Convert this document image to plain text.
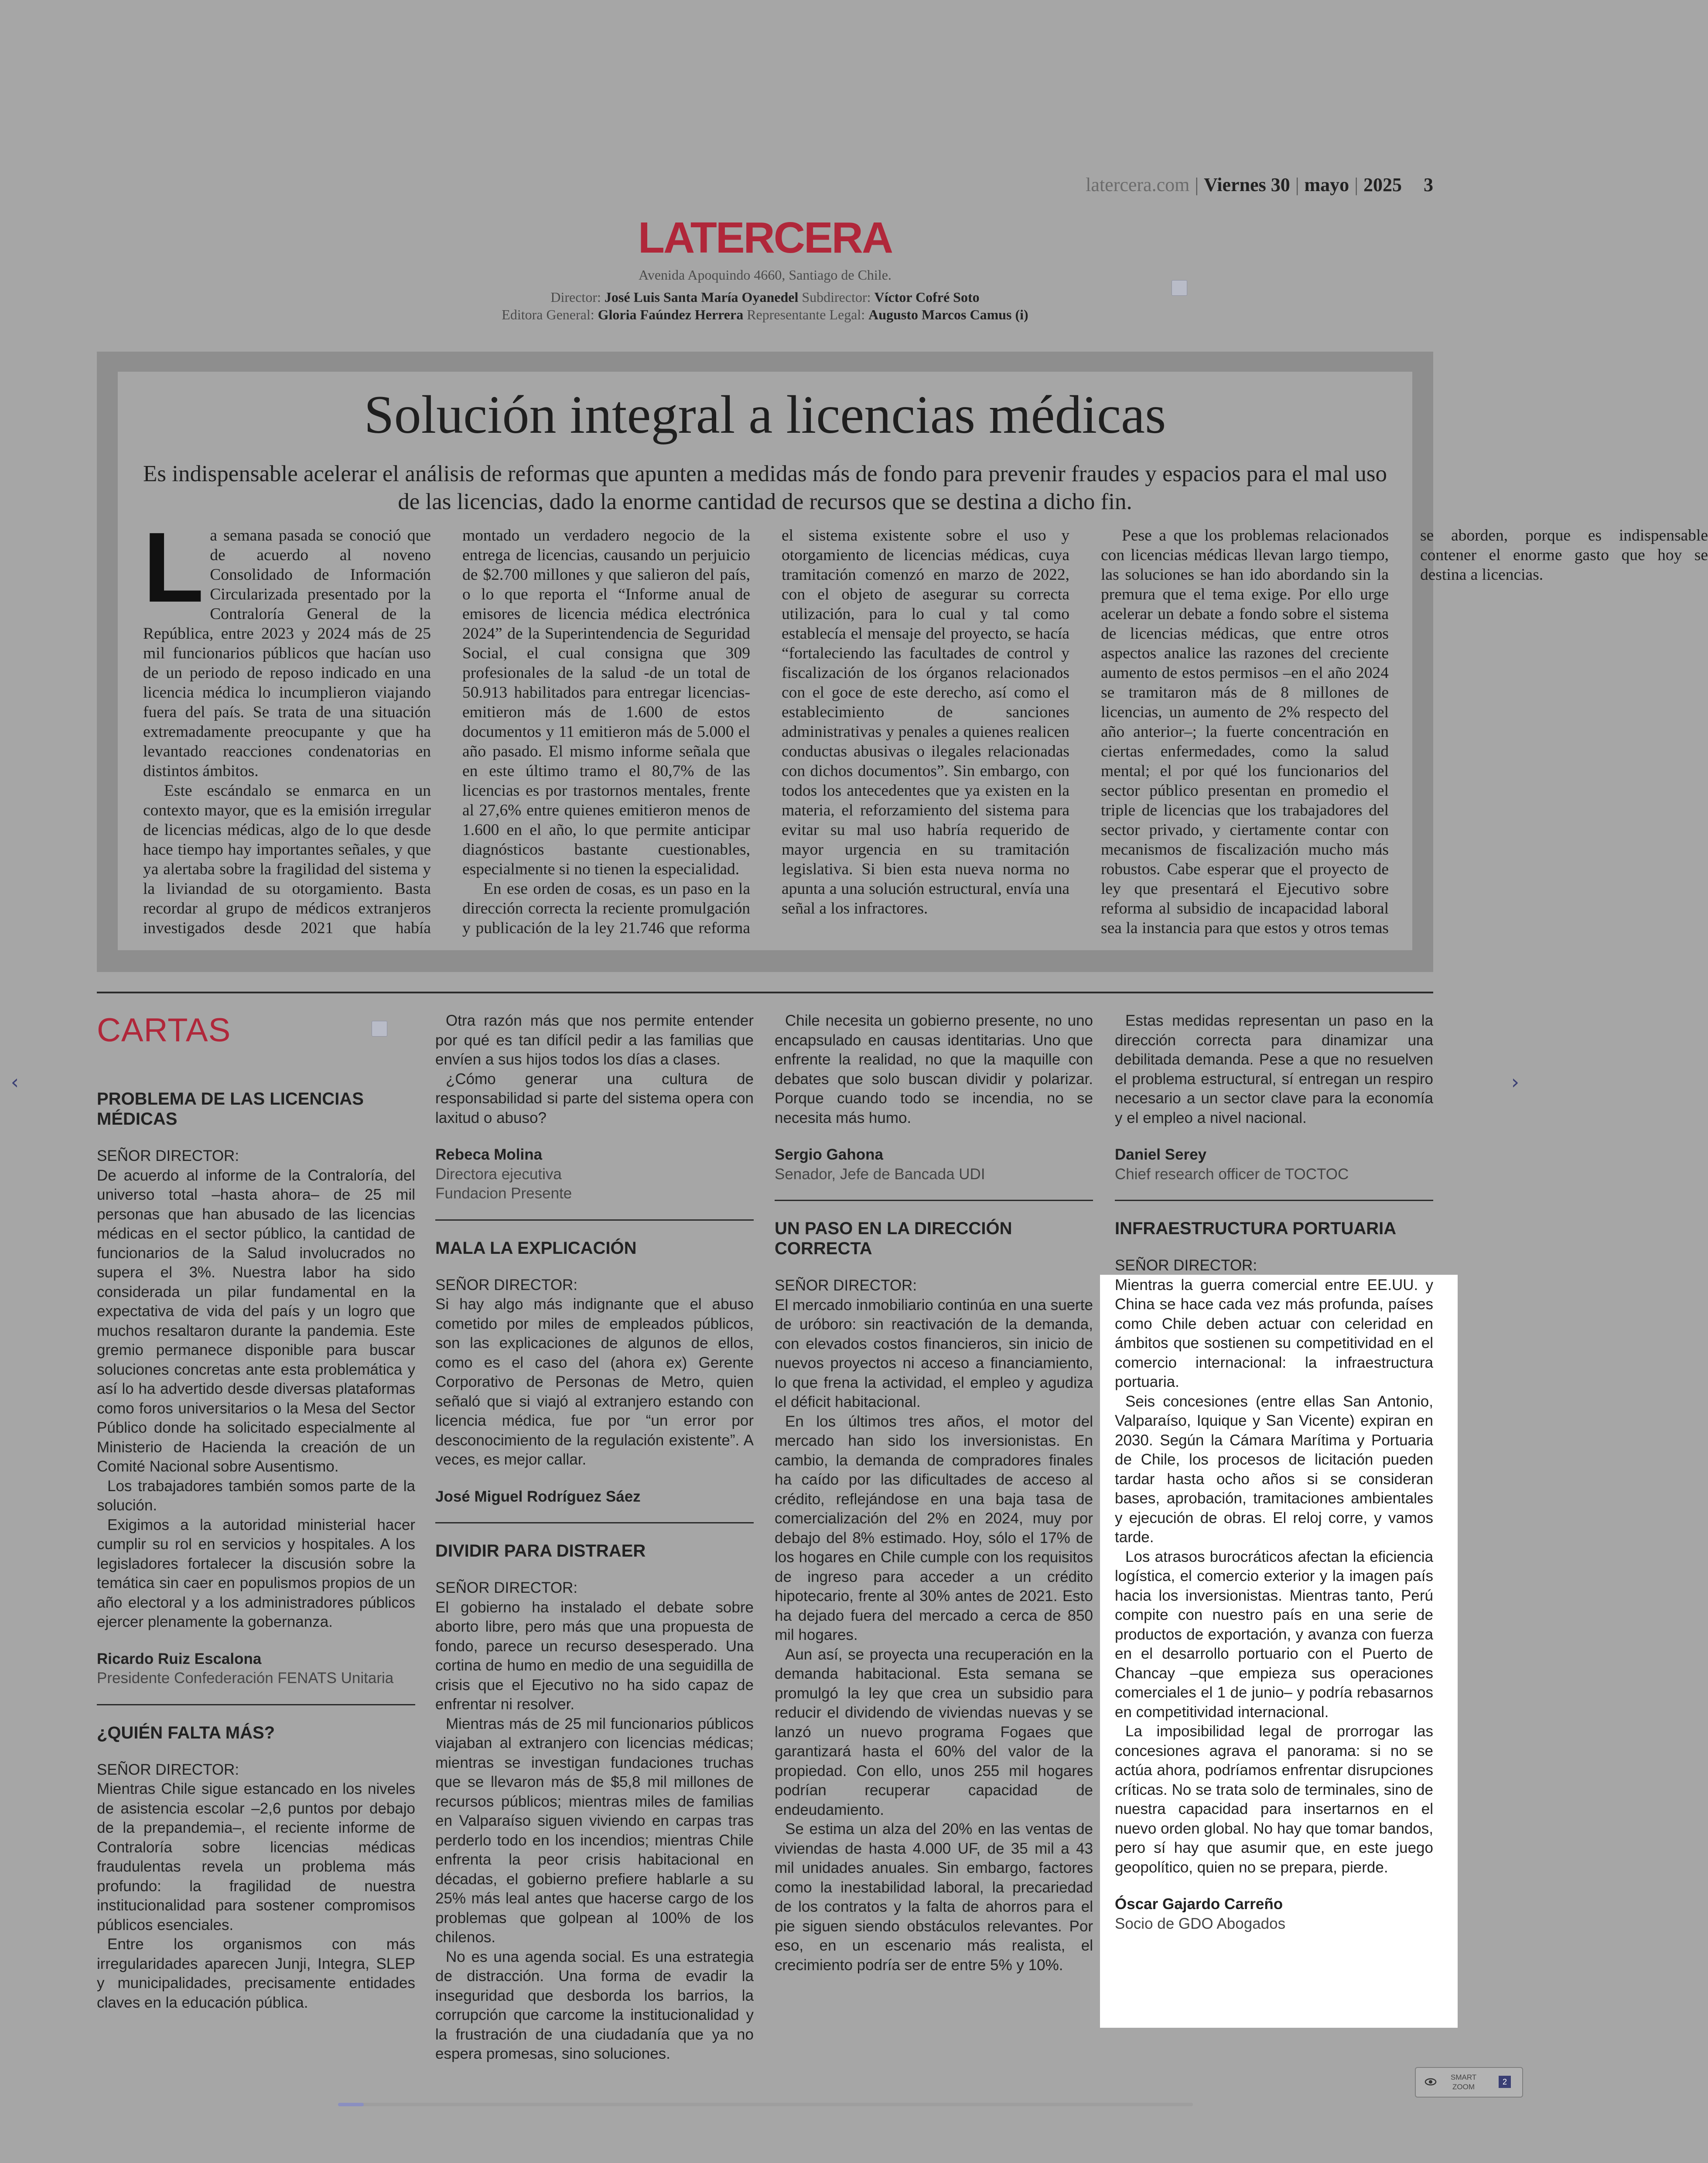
latercera.com | Viernes 30 | mayo | 2025 3
LATERCERA
Avenida Apoquindo 4660, Santiago de Chile.
Director: José Luis Santa María Oyanedel Subdirector: Víctor Cofré Soto
Editora General: Gloria Faúndez Herrera Representante Legal: Augusto Marcos Camus (i)
Solución integral a licencias médicas
Es indispensable acelerar el análisis de reformas que apunten a medidas más de fondo para prevenir fraudes y espacios para el mal uso de las licencias, dado la enorme cantidad de recursos que se destina a dicho fin.

La semana pasada se conoció que de acuerdo al noveno Consolidado de Información Circularizada presentado por la Contraloría General de la República, entre 2023 y 2024 más de 25 mil funcionarios públicos que hacían uso de un periodo de reposo indicado en una licencia médica lo incumplieron viajando fuera del país. Se trata de una situación extremadamente preocupante y que ha levantado reacciones condenatorias en distintos ámbitos.

Este escándalo se enmarca en un contexto mayor, que es la emisión irregular de licencias médicas, algo de lo que desde hace tiempo hay importantes señales, y que ya alertaba sobre la fragilidad del sistema y la liviandad de su otorgamiento. Basta recordar al grupo de médicos extranjeros investigados desde 2021 que había montado un verdadero negocio de la entrega de licencias, causando un perjuicio de $2.700 millones y que salieron del país, o lo que reporta el “Informe anual de emisores de licencia médica electrónica 2024” de la Superintendencia de Seguridad Social, el cual consigna que 309 profesionales de la salud -de un total de 50.913 habilitados para entregar licencias- emitieron más de 1.600 de estos documentos y 11 emitieron más de 5.000 el año pasado. El mismo informe señala que en este último tramo el 80,7% de las licencias es por trastornos mentales, frente al 27,6% entre quienes emitieron menos de 1.600 en el año, lo que permite anticipar diagnósticos bastante cuestionables, especialmente si no tienen la especialidad.

En ese orden de cosas, es un paso en la dirección correcta la reciente promulgación y publicación de la ley 21.746 que reforma el sistema existente sobre el uso y otorgamiento de licencias médicas, cuya tramitación comenzó en marzo de 2022, con el objeto de asegurar su correcta utilización, para lo cual y tal como establecía el mensaje del proyecto, se hacía “fortaleciendo las facultades de control y fiscalización de los órganos relacionados con el goce de este derecho, así como el establecimiento de sanciones administrativas y penales a quienes realicen conductas abusivas o ilegales relacionadas con dichos documentos”. Sin embargo, con todos los antecedentes que ya existen en la materia, el reforzamiento del sistema para evitar su mal uso habría requerido de mayor urgencia en su tramitación legislativa. Si bien esta nueva norma no apunta a una solución estructural, envía una señal a los infractores.

Pese a que los problemas relacionados con licencias médicas llevan largo tiempo, las soluciones se han ido abordando sin la premura que el tema exige. Por ello urge acelerar un debate a fondo sobre el sistema de licencias médicas, que entre otros aspectos analice las razones del creciente aumento de estos permisos –en el año 2024 se tramitaron más de 8 millones de licencias, un aumento de 2% respecto del año anterior–; la fuerte concentración en ciertas enfermedades, como la salud mental; el por qué los funcionarios del sector público presentan en promedio el triple de licencias que los trabajadores del sector privado, y ciertamente contar con mecanismos de fiscalización mucho más robustos. Cabe esperar que el proyecto de ley que presentará el Ejecutivo sobre reforma al subsidio de incapacidad laboral sea la instancia para que estos y otros temas se aborden, porque es indispensable contener el enorme gasto que hoy se destina a licencias.

CARTAS
PROBLEMA DE LAS LICENCIAS MÉDICAS

SEÑOR DIRECTOR:

De acuerdo al informe de la Contraloría, del universo total –hasta ahora– de 25 mil personas que han abusado de las licencias médicas en el sector público, la cantidad de funcionarios de la Salud involucrados no supera el 3%. Nuestra labor ha sido considerada un pilar fundamental en la expectativa de vida del país y un logro que muchos resaltaron durante la pandemia. Este gremio permanece disponible para buscar soluciones concretas ante esta problemática y así lo ha advertido desde diversas plataformas como foros universitarios o la Mesa del Sector Público donde ha solicitado especialmente al Ministerio de Hacienda la creación de un Comité Nacional sobre Ausentismo.

Los trabajadores también somos parte de la solución.

Exigimos a la autoridad ministerial hacer cumplir su rol en servicios y hospitales. A los legisladores fortalecer la discusión sobre la temática sin caer en populismos propios de un año electoral y a los administradores públicos ejercer plenamente la gobernanza.

Ricardo Ruiz Escalona

Presidente Confederación FENATS Unitaria

¿QUIÉN FALTA MÁS?

SEÑOR DIRECTOR:

Mientras Chile sigue estancado en los niveles de asistencia escolar –2,6 puntos por debajo de la prepandemia–, el reciente informe de Contraloría sobre licencias médicas fraudulentas revela un problema más profundo: la fragilidad de nuestra institucionalidad para sostener compromisos públicos esenciales.

Entre los organismos con más irregularidades aparecen Junji, Integra, SLEP y municipalidades, precisamente entidades claves en la educación pública.

Otra razón más que nos permite entender por qué es tan difícil pedir a las familias que envíen a sus hijos todos los días a clases.

¿Cómo generar una cultura de responsabilidad si parte del sistema opera con laxitud o abuso?

Rebeca Molina

Directora ejecutiva

Fundacion Presente

MALA LA EXPLICACIÓN

SEÑOR DIRECTOR:

Si hay algo más indignante que el abuso cometido por miles de empleados públicos, son las explicaciones de algunos de ellos, como es el caso del (ahora ex) Gerente Corporativo de Personas de Metro, quien señaló que si viajó al extranjero estando con licencia médica, fue por “un error por desconocimiento de la regulación existente”. A veces, es mejor callar.

José Miguel Rodríguez Sáez

DIVIDIR PARA DISTRAER

SEÑOR DIRECTOR:

El gobierno ha instalado el debate sobre aborto libre, pero más que una propuesta de fondo, parece un recurso desesperado. Una cortina de humo en medio de una seguidilla de crisis que el Ejecutivo no ha sido capaz de enfrentar ni resolver.

Mientras más de 25 mil funcionarios públicos viajaban al extranjero con licencias médicas; mientras se investigan fundaciones truchas que se llevaron más de $5,8 mil millones de recursos públicos; mientras miles de familias en Valparaíso siguen viviendo en carpas tras perderlo todo en los incendios; mientras Chile enfrenta la peor crisis habitacional en décadas, el gobierno prefiere hablarle a su 25% más leal antes que hacerse cargo de los problemas que golpean al 100% de los chilenos.

No es una agenda social. Es una estrategia de distracción. Una forma de evadir la inseguridad que desborda los barrios, la corrupción que carcome la institucionalidad y la frustración de una ciudadanía que ya no espera promesas, sino soluciones.

Chile necesita un gobierno presente, no uno encapsulado en causas identitarias. Uno que enfrente la realidad, no que la maquille con debates que solo buscan dividir y polarizar. Porque cuando todo se incendia, no se necesita más humo.

Sergio Gahona

Senador, Jefe de Bancada UDI

UN PASO EN LA DIRECCIÓN CORRECTA

SEÑOR DIRECTOR:

El mercado inmobiliario continúa en una suerte de uróboro: sin reactivación de la demanda, con elevados costos financieros, sin inicio de nuevos proyectos ni acceso a financiamiento, lo que frena la actividad, el empleo y agudiza el déficit habitacional.

En los últimos tres años, el motor del mercado han sido los inversionistas. En cambio, la demanda de compradores finales ha caído por las dificultades de acceso al crédito, reflejándose en una baja tasa de comercialización del 2% en 2024, muy por debajo del 8% estimado. Hoy, sólo el 17% de los hogares en Chile cumple con los requisitos de ingreso para acceder a un crédito hipotecario, frente al 30% antes de 2021. Esto ha dejado fuera del mercado a cerca de 850 mil hogares.

Aun así, se proyecta una recuperación en la demanda habitacional. Esta semana se promulgó la ley que crea un subsidio para reducir el dividendo de viviendas nuevas y se lanzó un nuevo programa Fogaes que garantizará hasta el 60% del valor de la propiedad. Con ello, unos 255 mil hogares podrían recuperar capacidad de endeudamiento.

Se estima un alza del 20% en las ventas de viviendas de hasta 4.000 UF, de 35 mil a 43 mil unidades anuales. Sin embargo, factores como la inestabilidad laboral, la precariedad de los contratos y la falta de ahorros para el pie siguen siendo obstáculos relevantes. Por eso, en un escenario más realista, el crecimiento podría ser de entre 5% y 10%.

Estas medidas representan un paso en la dirección correcta para dinamizar una debilitada demanda. Pese a que no resuelven el problema estructural, sí entregan un respiro necesario a un sector clave para la economía y el empleo a nivel nacional.

Daniel Serey

Chief research officer de TOCTOC

INFRAESTRUCTURA PORTUARIA

SEÑOR DIRECTOR:

Mientras la guerra comercial entre EE.UU. y China se hace cada vez más profunda, países como Chile deben actuar con celeridad en ámbitos que sostienen su competitividad en el comercio internacional: la infraestructura portuaria.

Seis concesiones (entre ellas San Antonio, Valparaíso, Iquique y San Vicente) expiran en 2030. Según la Cámara Marítima y Portuaria de Chile, los procesos de licitación pueden tardar hasta ocho años si se consideran bases, aprobación, tramitaciones ambientales y ejecución de obras. El reloj corre, y vamos tarde.

Los atrasos burocráticos afectan la eficiencia logística, el comercio exterior y la imagen país hacia los inversionistas. Mientras tanto, Perú compite con nuestro país en una serie de productos de exportación, y avanza con fuerza en el desarrollo portuario con el Puerto de Chancay –que empieza sus operaciones comerciales el 1 de junio– y podría rebasarnos en competitividad internacional.

La imposibilidad legal de prorrogar las concesiones agrava el panorama: si no se actúa ahora, podríamos enfrentar disrupciones críticas. No se trata solo de terminales, sino de nuestra capacidad para insertarnos en el nuevo orden global. No hay que tomar bandos, pero sí hay que asumir que, en este juego geopolítico, quien no se prepara, pierde.

Óscar Gajardo Carreño

Socio de GDO Abogados

‹	›
SMART
ZOOM
2
